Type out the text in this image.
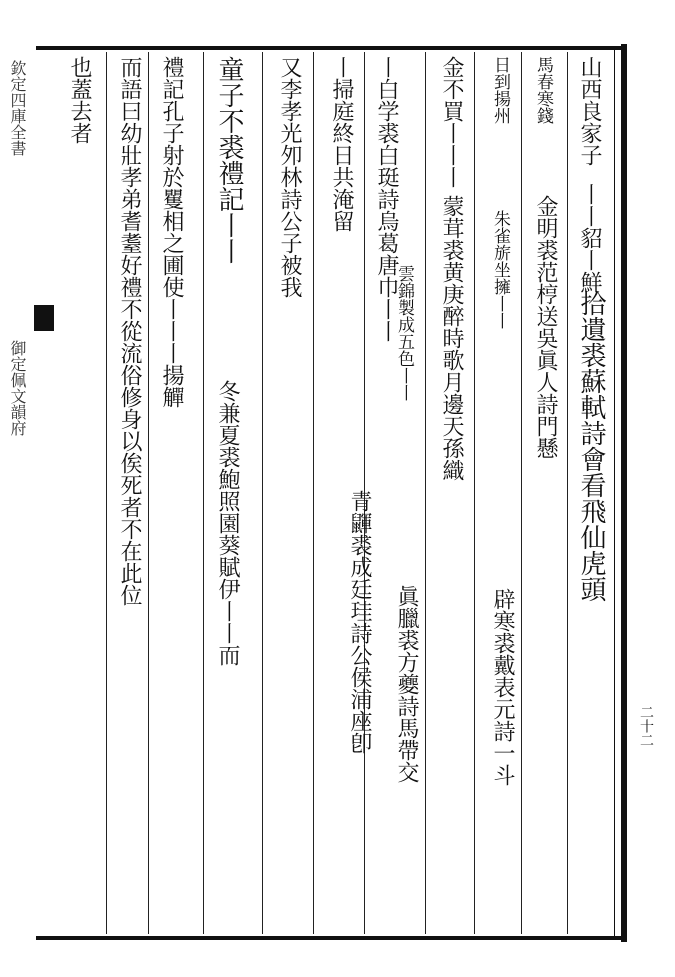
欽定四庫全書
御定佩文韻府
二十二
山西良家子
丨丨貂丨鮮
拾遺裘蘇軾詩會看飛仙虎頭
馬春寒錢
金明裘范梈送吳眞人詩門懸
日到揚州
朱雀旂坐擁丨丨
辟寒裘戴表元詩一斗
金不買丨丨丨
蒙茸裘黄庚醉時歌月邊天孫織
雲錦製成五色丨丨
眞臘裘方夔詩馬帶交
丨白学裘白珽詩烏葛唐巾丨丨
丨掃庭終日共淹留
青鼲裘成廷珪詩公侯浦座卽
又李孝光夘林詩公子被我
童子不裘禮記丨丨
冬兼夏裘鮑照園葵賦伊丨丨而
禮記孔子射於矍相之圃使丨丨丨揚觶
而語曰幼壯孝弟耆耋好禮不從流俗修身以俟死者不在此位
也蓋去者
